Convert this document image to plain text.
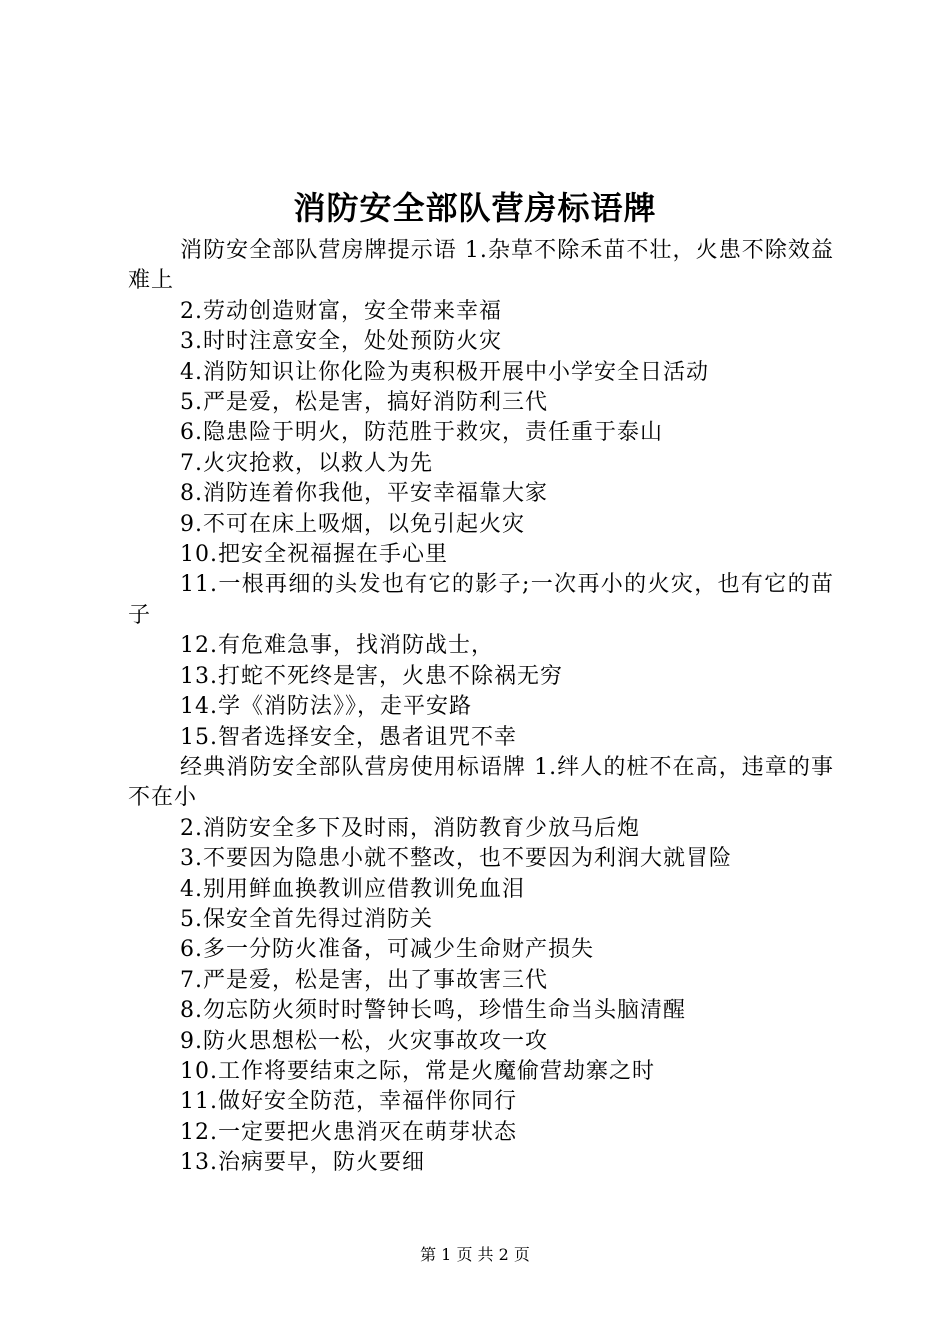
消防安全部队营房标语牌

消防安全部队营房牌提示语 1.杂草不除禾苗不壮，火患不除效益难上

2.劳动创造财富，安全带来幸福

3.时时注意安全，处处预防火灾

4.消防知识让你化险为夷积极开展中小学安全日活动

5.严是爱，松是害，搞好消防利三代

6.隐患险于明火，防范胜于救灾，责任重于泰山

7.火灾抢救，以救人为先

8.消防连着你我他，平安幸福靠大家

9.不可在床上吸烟，以免引起火灾

10.把安全祝福握在手心里

11.一根再细的头发也有它的影子;一次再小的火灾，也有它的苗子

12.有危难急事，找消防战士，

13.打蛇不死终是害，火患不除祸无穷

14.学《消防法》》，走平安路

15.智者选择安全，愚者诅咒不幸

经典消防安全部队营房使用标语牌 1.绊人的桩不在高，违章的事不在小

2.消防安全多下及时雨，消防教育少放马后炮

3.不要因为隐患小就不整改，也不要因为利润大就冒险

4.别用鲜血换教训应借教训免血泪

5.保安全首先得过消防关

6.多一分防火准备，可减少生命财产损失

7.严是爱，松是害，出了事故害三代

8.勿忘防火须时时警钟长鸣，珍惜生命当头脑清醒

9.防火思想松一松，火灾事故攻一攻

10.工作将要结束之际，常是火魔偷营劫寨之时

11.做好安全防范，幸福伴你同行

12.一定要把火患消灭在萌芽状态

13.治病要早，防火要细

第 1 页 共 2 页
